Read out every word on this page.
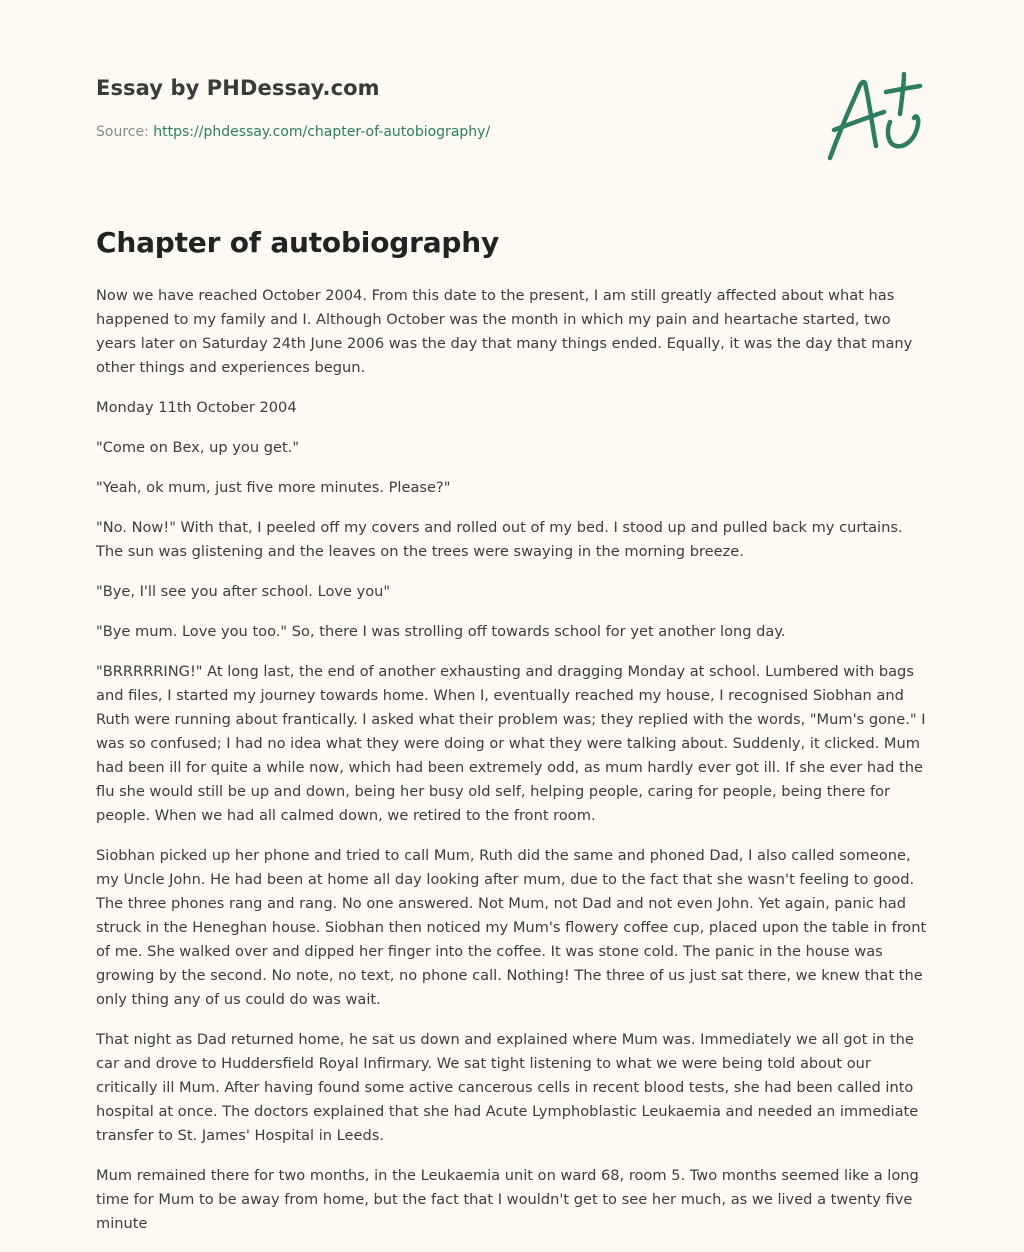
Essay by PHDessay.com

Source: https://phdessay.com/chapter-of-autobiography/

Chapter of autobiography

Now we have reached October 2004. From this date to the present, I am still greatly affected about what has happened to my family and I. Although October was the month in which my pain and heartache started, two years later on Saturday 24th June 2006 was the day that many things ended. Equally, it was the day that many other things and experiences begun.

Monday 11th October 2004

"Come on Bex, up you get."

"Yeah, ok mum, just five more minutes. Please?"

"No. Now!" With that, I peeled off my covers and rolled out of my bed. I stood up and pulled back my curtains. The sun was glistening and the leaves on the trees were swaying in the morning breeze.

"Bye, I'll see you after school. Love you"

"Bye mum. Love you too." So, there I was strolling off towards school for yet another long day.

"BRRRRRING!" At long last, the end of another exhausting and dragging Monday at school. Lumbered with bags and files, I started my journey towards home. When I, eventually reached my house, I recognised Siobhan and Ruth were running about frantically. I asked what their problem was; they replied with the words, "Mum's gone." I was so confused; I had no idea what they were doing or what they were talking about. Suddenly, it clicked. Mum had been ill for quite a while now, which had been extremely odd, as mum hardly ever got ill. If she ever had the flu she would still be up and down, being her busy old self, helping people, caring for people, being there for people. When we had all calmed down, we retired to the front room.

Siobhan picked up her phone and tried to call Mum, Ruth did the same and phoned Dad, I also called someone, my Uncle John. He had been at home all day looking after mum, due to the fact that she wasn't feeling to good. The three phones rang and rang. No one answered. Not Mum, not Dad and not even John. Yet again, panic had struck in the Heneghan house. Siobhan then noticed my Mum's flowery coffee cup, placed upon the table in front of me. She walked over and dipped her finger into the coffee. It was stone cold. The panic in the house was growing by the second. No note, no text, no phone call. Nothing! The three of us just sat there, we knew that the only thing any of us could do was wait.

That night as Dad returned home, he sat us down and explained where Mum was. Immediately we all got in the car and drove to Huddersfield Royal Infirmary. We sat tight listening to what we were being told about our critically ill Mum. After having found some active cancerous cells in recent blood tests, she had been called into hospital at once. The doctors explained that she had Acute Lymphoblastic Leukaemia and needed an immediate transfer to St. James' Hospital in Leeds.

Mum remained there for two months, in the Leukaemia unit on ward 68, room 5. Two months seemed like a long time for Mum to be away from home, but the fact that I wouldn't get to see her much, as we lived a twenty five minute
